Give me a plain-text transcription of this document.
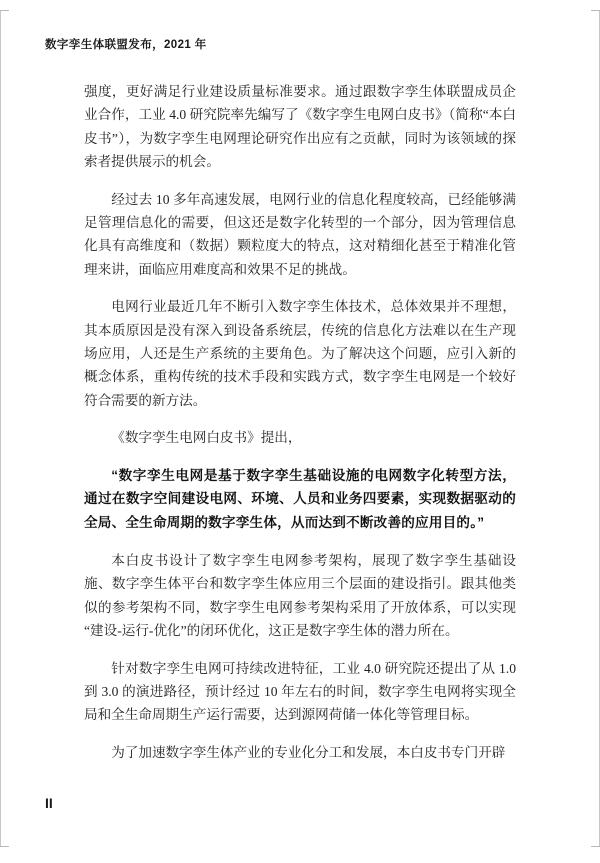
数字孪生体联盟发布，2021 年

强度，更好满足行业建设质量标准要求。通过跟数字孪生体联盟成员企业合作，工业 4.0 研究院率先编写了《数字孪生电网白皮书》（简称“本白皮书”），为数字孪生电网理论研究作出应有之贡献，同时为该领域的探索者提供展示的机会。

经过去 10 多年高速发展，电网行业的信息化程度较高，已经能够满足管理信息化的需要，但这还是数字化转型的一个部分，因为管理信息化具有高维度和（数据）颗粒度大的特点，这对精细化甚至于精准化管理来讲，面临应用难度高和效果不足的挑战。

电网行业最近几年不断引入数字孪生体技术，总体效果并不理想，其本质原因是没有深入到设备系统层，传统的信息化方法难以在生产现场应用，人还是生产系统的主要角色。为了解决这个问题，应引入新的概念体系，重构传统的技术手段和实践方式，数字孪生电网是一个较好符合需要的新方法。

《数字孪生电网白皮书》提出，

“数字孪生电网是基于数字孪生基础设施的电网数字化转型方法，通过在数字空间建设电网、环境、人员和业务四要素，实现数据驱动的全局、全生命周期的数字孪生体，从而达到不断改善的应用目的。”

本白皮书设计了数字孪生电网参考架构，展现了数字孪生基础设施、数字孪生体平台和数字孪生体应用三个层面的建设指引。跟其他类似的参考架构不同，数字孪生电网参考架构采用了开放体系，可以实现“建设-运行-优化”的闭环优化，这正是数字孪生体的潜力所在。

针对数字孪生电网可持续改进特征，工业 4.0 研究院还提出了从 1.0 到 3.0 的演进路径，预计经过 10 年左右的时间，数字孪生电网将实现全局和全生命周期生产运行需要，达到源网荷储一体化等管理目标。

为了加速数字孪生体产业的专业化分工和发展，本白皮书专门开辟

II
